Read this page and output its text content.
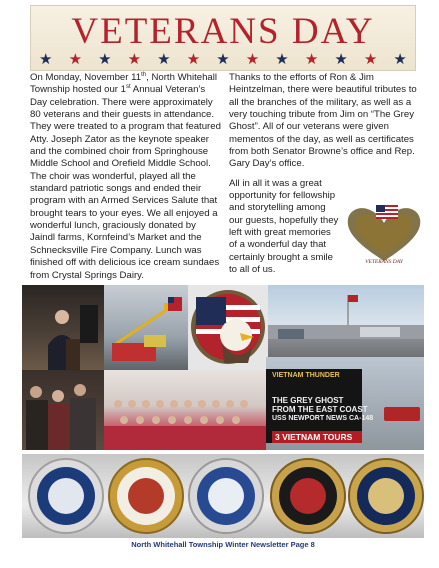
VETERANS DAY
★ ★ ★ ★ ★ ★ ★ ★ ★ ★ ★ ★ ★

On Monday, November 11th, North Whitehall Township hosted our 1st Annual Veteran’s Day celebration. There were approximately 80 veterans and their guests in attendance. They were treated to a program that featured Atty. Joseph Zator as the keynote speaker and the combined choir from Springhouse Middle School and Orefield Middle School. The choir was wonderful, played all the standard patriotic songs and ended their program with an Armed Services Salute that brought tears to your eyes. We all enjoyed a wonderful lunch, graciously donated by Jaindl farms, Kornfeind’s Market and the Schnecksville Fire Company. Lunch was finished off with delicious ice cream sundaes from Crystal Springs Dairy.

Thanks to the efforts of Ron & Jim Heintzelman, there were beautiful tributes to all the branches of the military, as well as a very touching tribute from Jim on “The Grey Ghost”. All of our veterans were given mementos of the day, as well as certificates from both Senator Browne’s office and Rep. Gary Day’s office.

VETERANS DAY

All in all it was a great opportunity for fellowship and storytelling among our guests, hopefully they left with great memories of a wonderful day that certainly brought a smile to all of us.

VIETNAM THUNDER
THE GREY GHOST
FROM THE EAST COAST
USS NEWPORT NEWS CA-148
3 VIETNAM TOURS
North Whitehall Township Winter Newsletter Page 8
